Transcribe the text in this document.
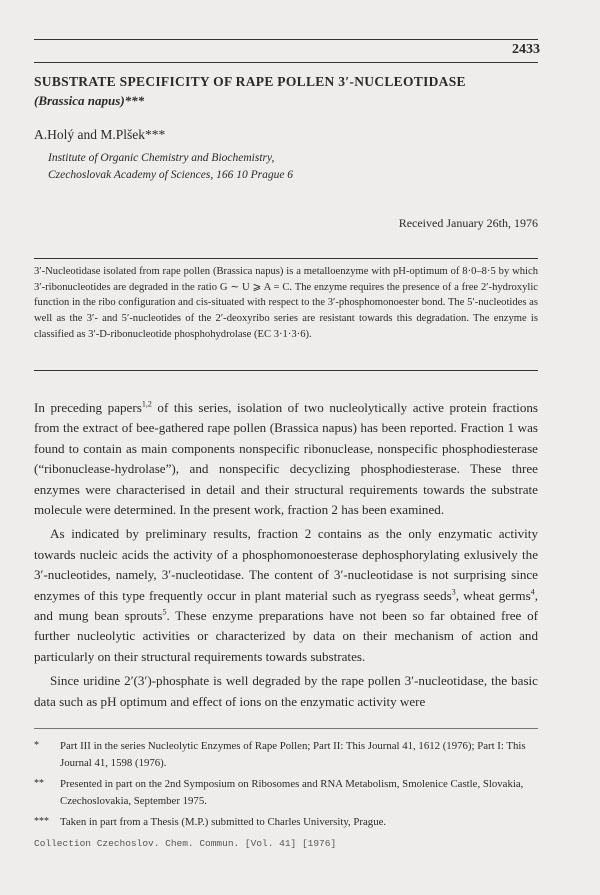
2433
SUBSTRATE SPECIFICITY OF RAPE POLLEN 3′-NUCLEOTIDASE
(Brassica napus)***
A.Holý and M.Plšek***
Institute of Organic Chemistry and Biochemistry,
Czechoslovak Academy of Sciences, 166 10 Prague 6
Received January 26th, 1976
3′-Nucleotidase isolated from rape pollen (Brassica napus) is a metalloenzyme with pH-optimum of 8·0–8·5 by which 3′-ribonucleotides are degraded in the ratio G ∼ U ⩾ A = C. The enzyme requires the presence of a free 2′-hydroxylic function in the ribo configuration and cis-situated with respect to the 3′-phosphomonoester bond. The 5′-nucleotides as well as the 3′- and 5′-nucleotides of the 2′-deoxyribo series are resistant towards this degradation. The enzyme is classified as 3′-D-ribonucleotide phosphohydrolase (EC 3·1·3·6).

In preceding papers$^{1,2}$ of this series, isolation of two nucleolytically active protein fractions from the extract of bee-gathered rape pollen (Brassica napus) has been reported. Fraction 1 was found to contain as main components nonspecific ribonuclease, nonspecific phosphodiesterase (“ribonuclease-hydrolase”), and nonspecific decyclizing phosphodiesterase. These three enzymes were characterised in detail and their structural requirements towards the substrate molecule were determined. In the present work, fraction 2 has been examined.

As indicated by preliminary results, fraction 2 contains as the only enzymatic activity towards nucleic acids the activity of a phosphomonoesterase dephosphorylating exlusively the 3′-nucleotides, namely, 3′-nucleotidase. The content of 3′-nucleotidase is not surprising since enzymes of this type frequently occur in plant material such as ryegrass seeds$^3$, wheat germs$^4$, and mung bean sprouts$^5$. These enzyme preparations have not been so far obtained free of further nucleolytic activities or characterized by data on their mechanism of action and particularly on their structural requirements towards substrates.

Since uridine 2′(3′)-phosphate is well degraded by the rape pollen 3′-nucleotidase, the basic data such as pH optimum and effect of ions on the enzymatic activity were

* Part III in the series Nucleolytic Enzymes of Rape Pollen; Part II: This Journal 41, 1612 (1976); Part I: This Journal 41, 1598 (1976).
** Presented in part on the 2nd Symposium on Ribosomes and RNA Metabolism, Smolenice Castle, Slovakia, Czechoslovakia, September 1975.
*** Taken in part from a Thesis (M.P.) submitted to Charles University, Prague.
Collection Czechoslov. Chem. Commun. [Vol. 41] [1976]
